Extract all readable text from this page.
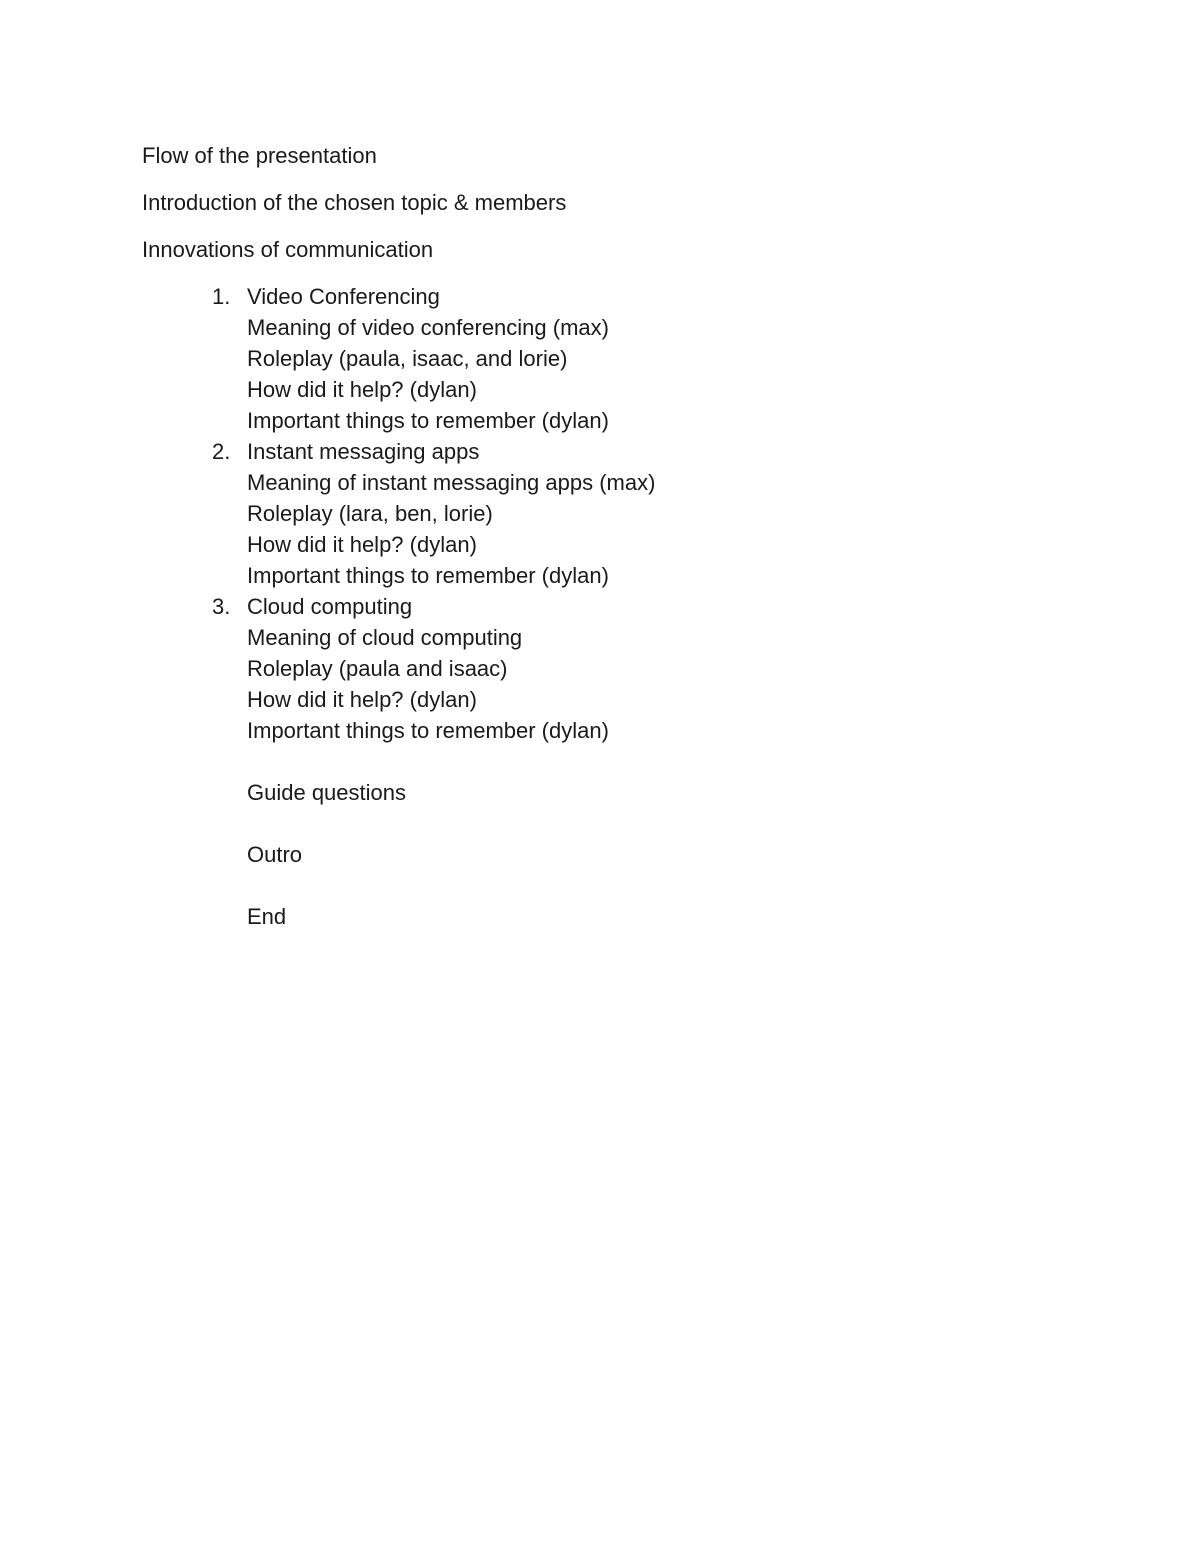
Flow of the presentation

Introduction of the chosen topic & members

Innovations of communication

1. Video Conferencing
Meaning of video conferencing (max)
Roleplay (paula, isaac, and lorie)
How did it help? (dylan)
Important things to remember (dylan)
2. Instant messaging apps
Meaning of instant messaging apps (max)
Roleplay (lara, ben, lorie)
How did it help? (dylan)
Important things to remember (dylan)
3. Cloud computing
Meaning of cloud computing
Roleplay (paula and isaac)
How did it help? (dylan)
Important things to remember (dylan)
Guide questions
Outro
End
